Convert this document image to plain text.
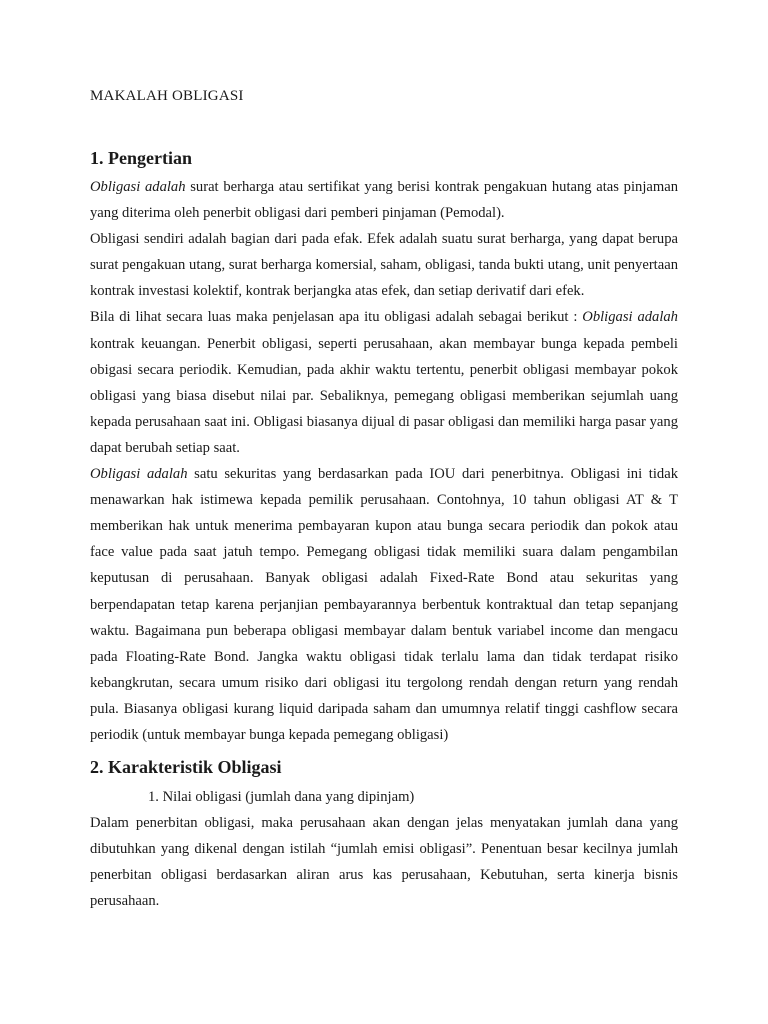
MAKALAH OBLIGASI
1. Pengertian

Obligasi adalah surat berharga atau sertifikat yang berisi kontrak pengakuan hutang atas pinjaman yang diterima oleh penerbit obligasi dari pemberi pinjaman (Pemodal).

Obligasi sendiri adalah bagian dari pada efak. Efek adalah suatu surat berharga, yang dapat berupa surat pengakuan utang, surat berharga komersial, saham, obligasi, tanda bukti utang, unit penyertaan kontrak investasi kolektif, kontrak berjangka atas efek, dan setiap derivatif dari efek.

Bila di lihat secara luas maka penjelasan apa itu obligasi adalah sebagai berikut : Obligasi adalah kontrak keuangan. Penerbit obligasi, seperti perusahaan, akan membayar bunga kepada pembeli obigasi secara periodik. Kemudian, pada akhir waktu tertentu, penerbit obligasi membayar pokok obligasi yang biasa disebut nilai par. Sebaliknya, pemegang obligasi memberikan sejumlah uang kepada perusahaan saat ini. Obligasi biasanya dijual di pasar obligasi dan memiliki harga pasar yang dapat berubah setiap saat.

Obligasi adalah satu sekuritas yang berdasarkan pada IOU dari penerbitnya. Obligasi ini tidak menawarkan hak istimewa kepada pemilik perusahaan. Contohnya, 10 tahun obligasi AT & T memberikan hak untuk menerima pembayaran kupon atau bunga secara periodik dan pokok atau face value pada saat jatuh tempo. Pemegang obligasi tidak memiliki suara dalam pengambilan keputusan di perusahaan. Banyak obligasi adalah Fixed-Rate Bond atau sekuritas yang berpendapatan tetap karena perjanjian pembayarannya berbentuk kontraktual dan tetap sepanjang waktu. Bagaimana pun beberapa obligasi membayar dalam bentuk variabel income dan mengacu pada Floating-Rate Bond. Jangka waktu obligasi tidak terlalu lama dan tidak terdapat risiko kebangkrutan, secara umum risiko dari obligasi itu tergolong rendah dengan return yang rendah pula. Biasanya obligasi kurang liquid daripada saham dan umumnya relatif tinggi cashflow secara periodik (untuk membayar bunga kepada pemegang obligasi)

2. Karakteristik Obligasi
1. Nilai obligasi (jumlah dana yang dipinjam)

Dalam penerbitan obligasi, maka perusahaan akan dengan jelas menyatakan jumlah dana yang dibutuhkan yang dikenal dengan istilah “jumlah emisi obligasi”. Penentuan besar kecilnya jumlah penerbitan obligasi berdasarkan aliran arus kas perusahaan, Kebutuhan, serta kinerja bisnis perusahaan.
